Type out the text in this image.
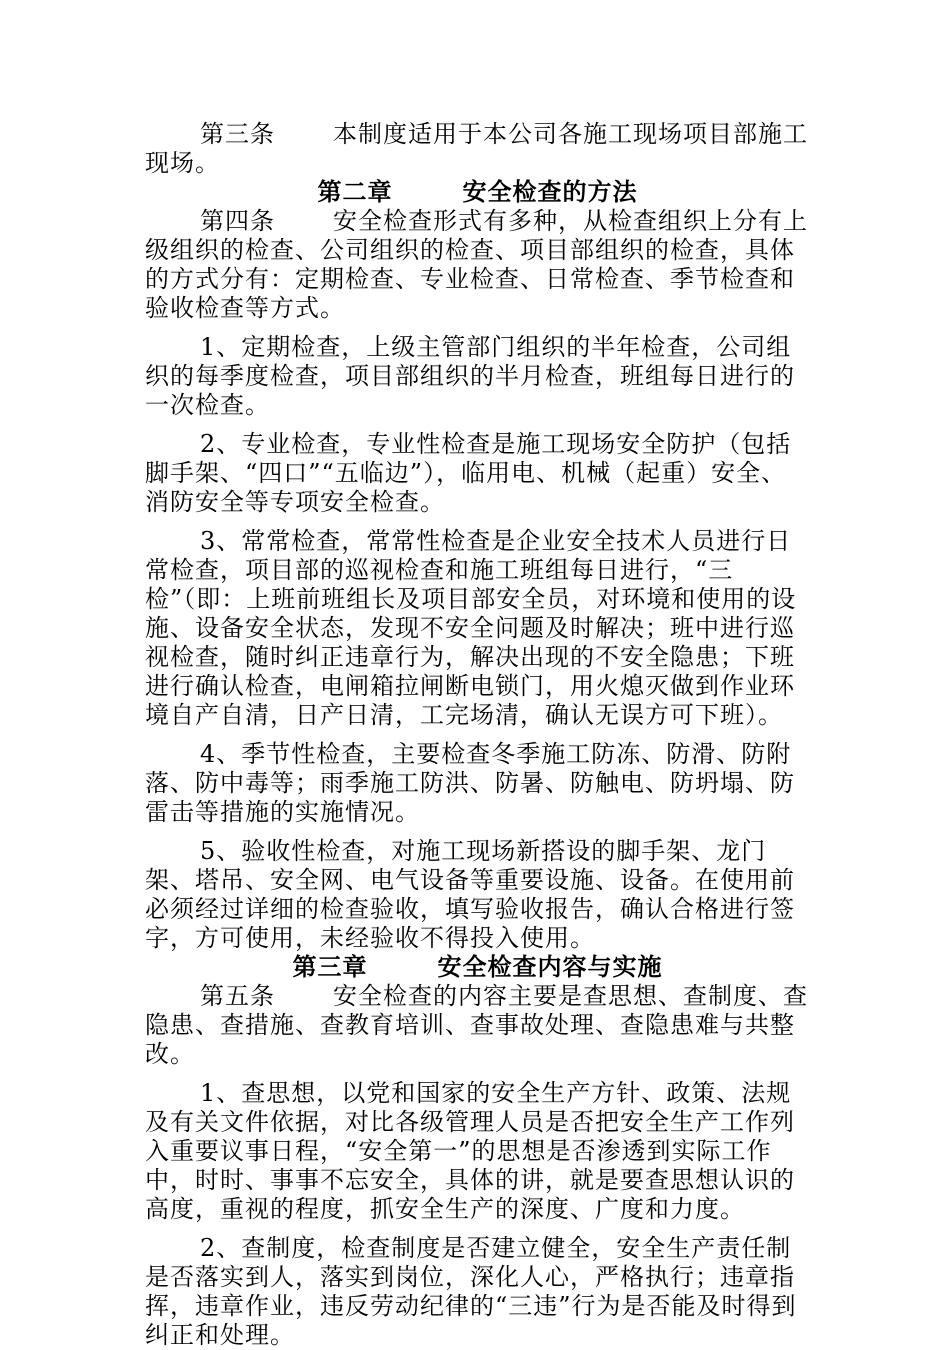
第三条 本制度适用于本公司各施工现场项目部施工现场。

第二章	安全检查的方法

第四条 安全检查形式有多种，从检查组织上分有上级组织的检查、公司组织的检查、项目部组织的检查，具体的方式分有：定期检查、专业检查、日常检查、季节检查和验收检查等方式。

1、定期检查，上级主管部门组织的半年检查，公司组织的每季度检查，项目部组织的半月检查，班组每日进行的一次检查。

2、专业检查，专业性检查是施工现场安全防护（包括脚手架、“四口”“五临边”），临用电、机械（起重）安全、消防安全等专项安全检查。

3、常常检查，常常性检查是企业安全技术人员进行日常检查，项目部的巡视检查和施工班组每日进行，“三检”（即：上班前班组长及项目部安全员，对环境和使用的设施、设备安全状态，发现不安全问题及时解决；班中进行巡视检查，随时纠正违章行为，解决出现的不安全隐患；下班进行确认检查，电闸箱拉闸断电锁门，用火熄灭做到作业环境自产自清，日产日清，工完场清，确认无误方可下班）。

4、季节性检查，主要检查冬季施工防冻、防滑、防附落、防中毒等；雨季施工防洪、防暑、防触电、防坍塌、防雷击等措施的实施情况。

5、验收性检查，对施工现场新搭设的脚手架、龙门架、塔吊、安全网、电气设备等重要设施、设备。在使用前必须经过详细的检查验收，填写验收报告，确认合格进行签字，方可使用，未经验收不得投入使用。

第三章	安全检查内容与实施

第五条 安全检查的内容主要是查思想、查制度、查隐患、查措施、查教育培训、查事故处理、查隐患难与共整改。

1、查思想，以党和国家的安全生产方针、政策、法规及有关文件依据，对比各级管理人员是否把安全生产工作列入重要议事日程，“安全第一”的思想是否渗透到实际工作中，时时、事事不忘安全，具体的讲，就是要查思想认识的高度，重视的程度，抓安全生产的深度、广度和力度。

2、查制度，检查制度是否建立健全，安全生产责任制是否落实到人，落实到岗位，深化人心，严格执行；违章指挥，违章作业，违反劳动纪律的“三违”行为是否能及时得到纠正和处理。
